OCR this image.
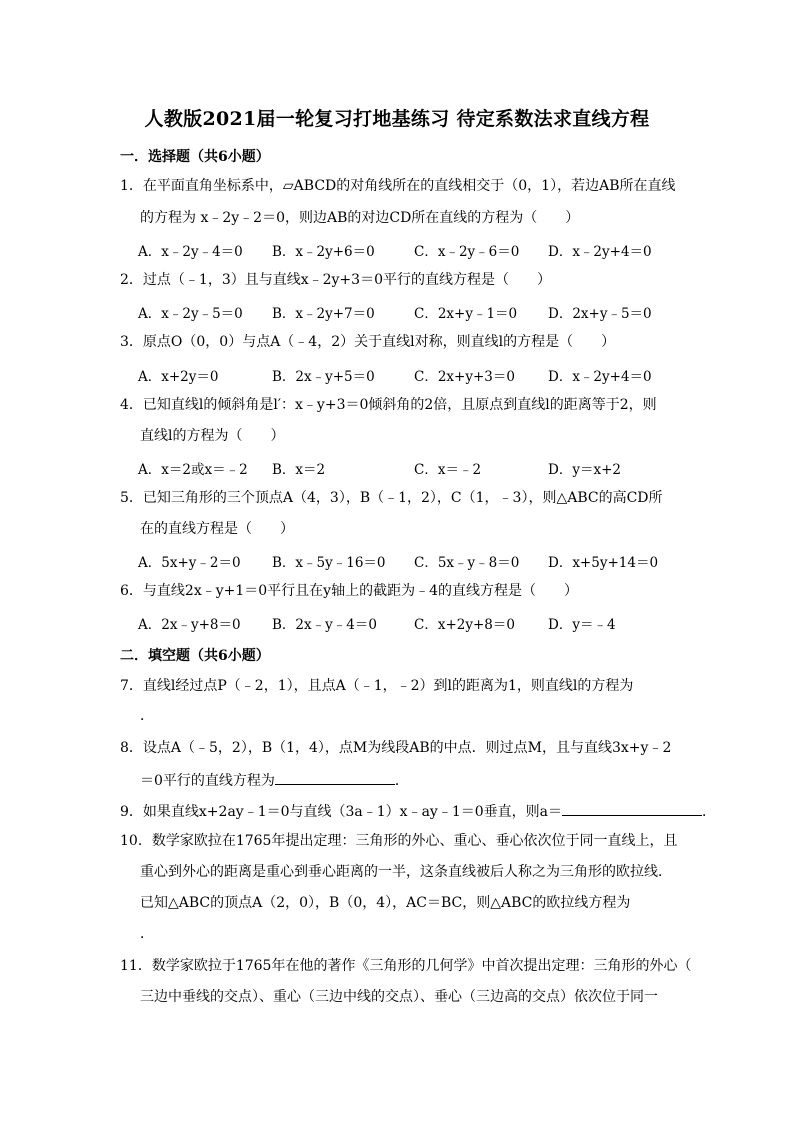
人教版2021届一轮复习打地基练习 待定系数法求直线方程
一．选择题（共6小题）
1．在平面直角坐标系中，▱ABCD的对角线所在的直线相交于（0，1），若边AB所在直线
的方程为 x﹣2y﹣2＝0，则边AB的对边CD所在直线的方程为（　　）
A．x﹣2y﹣4＝0 B．x﹣2y+6＝0	C．x﹣2y﹣6＝0 D．x﹣2y+4＝0
2．过点（﹣1，3）且与直线x﹣2y+3＝0平行的直线方程是（　　）
A．x﹣2y﹣5＝0 B．x﹣2y+7＝0	C．2x+y﹣1＝0 D．2x+y﹣5＝0
3．原点O（0，0）与点A（﹣4，2）关于直线l对称，则直线l的方程是（　　）
A．x+2y＝0	B．2x﹣y+5＝0	C．2x+y+3＝0 D．x﹣2y+4＝0
4．已知直线l的倾斜角是l′：x﹣y+3＝0倾斜角的2倍，且原点到直线l的距离等于2，则
直线l的方程为（　　）
A．x＝2或x＝﹣2 B．x＝2	C．x＝﹣2	D．y＝x+2
5．已知三角形的三个顶点A（4，3），B（﹣1，2），C（1，﹣3），则△ABC的高CD所
在的直线方程是（　　）
A．5x+y﹣2＝0 B．x﹣5y﹣16＝0 C．5x﹣y﹣8＝0 D．x+5y+14＝0
6．与直线2x﹣y+1＝0平行且在y轴上的截距为﹣4的直线方程是（　　）
A．2x﹣y+8＝0 B．2x﹣y﹣4＝0	C．x+2y+8＝0 D．y＝﹣4
二．填空题（共6小题）
7．直线l经过点P（﹣2，1），且点A（﹣1，﹣2）到l的距离为1，则直线l的方程为
．
8．设点A（﹣5，2），B（1，4），点M为线段AB的中点．则过点M，且与直线3x+y﹣2
＝0平行的直线方程为	．
9．如果直线x+2ay﹣1＝0与直线（3a﹣1）x﹣ay﹣1＝0垂直，则a＝	．
10．数学家欧拉在1765年提出定理：三角形的外心、重心、垂心依次位于同一直线上，且
重心到外心的距离是重心到垂心距离的一半，这条直线被后人称之为三角形的欧拉线．
已知△ABC的顶点A（2，0），B（0，4），AC＝BC，则△ABC的欧拉线方程为
．
11．数学家欧拉于1765年在他的著作《三角形的几何学》中首次提出定理：三角形的外心（
三边中垂线的交点）、重心（三边中线的交点）、垂心（三边高的交点）依次位于同一
